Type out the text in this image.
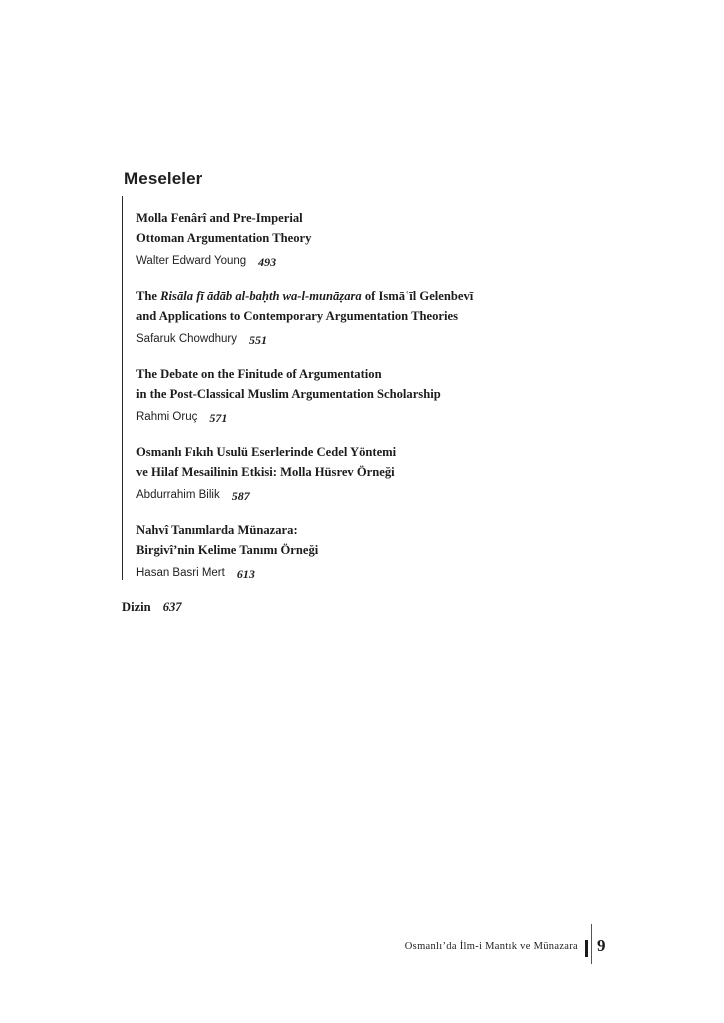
Meseleler

Molla Fenârî and Pre-Imperial
Ottoman Argumentation Theory

Walter Edward Young 493

The Risāla fī ādāb al-baḥth wa-l-munāẓara of Ismāʿīl Gelenbevī
and Applications to Contemporary Argumentation Theories

Safaruk Chowdhury 551

The Debate on the Finitude of Argumentation
in the Post-Classical Muslim Argumentation Scholarship

Rahmi Oruç 571

Osmanlı Fıkıh Usulü Eserlerinde Cedel Yöntemi
ve Hilaf Mesailinin Etkisi: Molla Hüsrev Örneği

Abdurrahim Bilik 587

Nahvî Tanımlarda Münazara:
Birgivî’nin Kelime Tanımı Örneği

Hasan Basri Mert 613
Dizin 637
Osmanlı’da İlm-i Mantık ve Münazara 9
